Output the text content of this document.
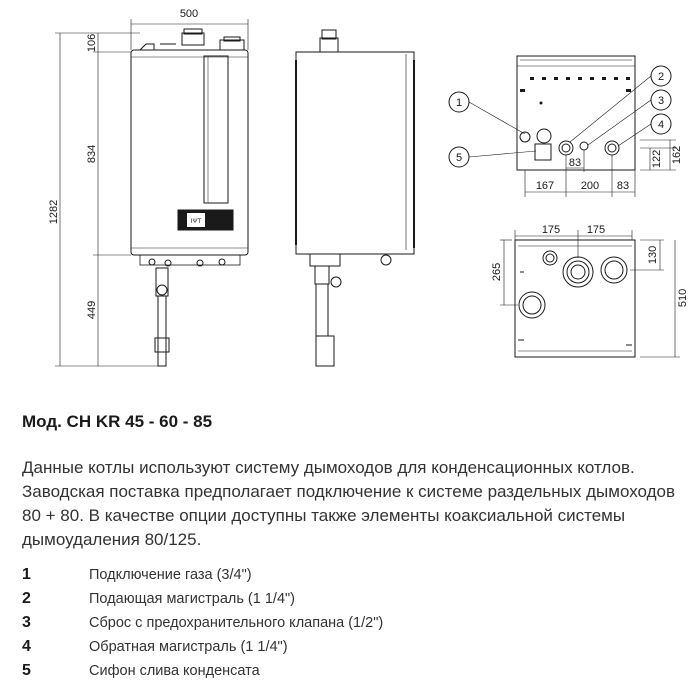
500
106
834
1282
449
ΙΨΤ
167 200 83
83	122 162
175 175
130
265
510
1
2
3
4
5
Мод. CH KR 45 - 60 - 85
Данные котлы используют систему дымоходов для конденсационных котлов. Заводская поставка предполагает подключение к системе раздельных дымоходов 80 + 80. В качестве опции доступны также элементы коаксиальной системы дымоудаления 80/125.
1	Подключение газа (3/4")
2	Подающая магистраль (1 1/4")
3	Сброс с предохранительного клапана (1/2")
4	Обратная магистраль (1 1/4")
5	Сифон слива конденсата
